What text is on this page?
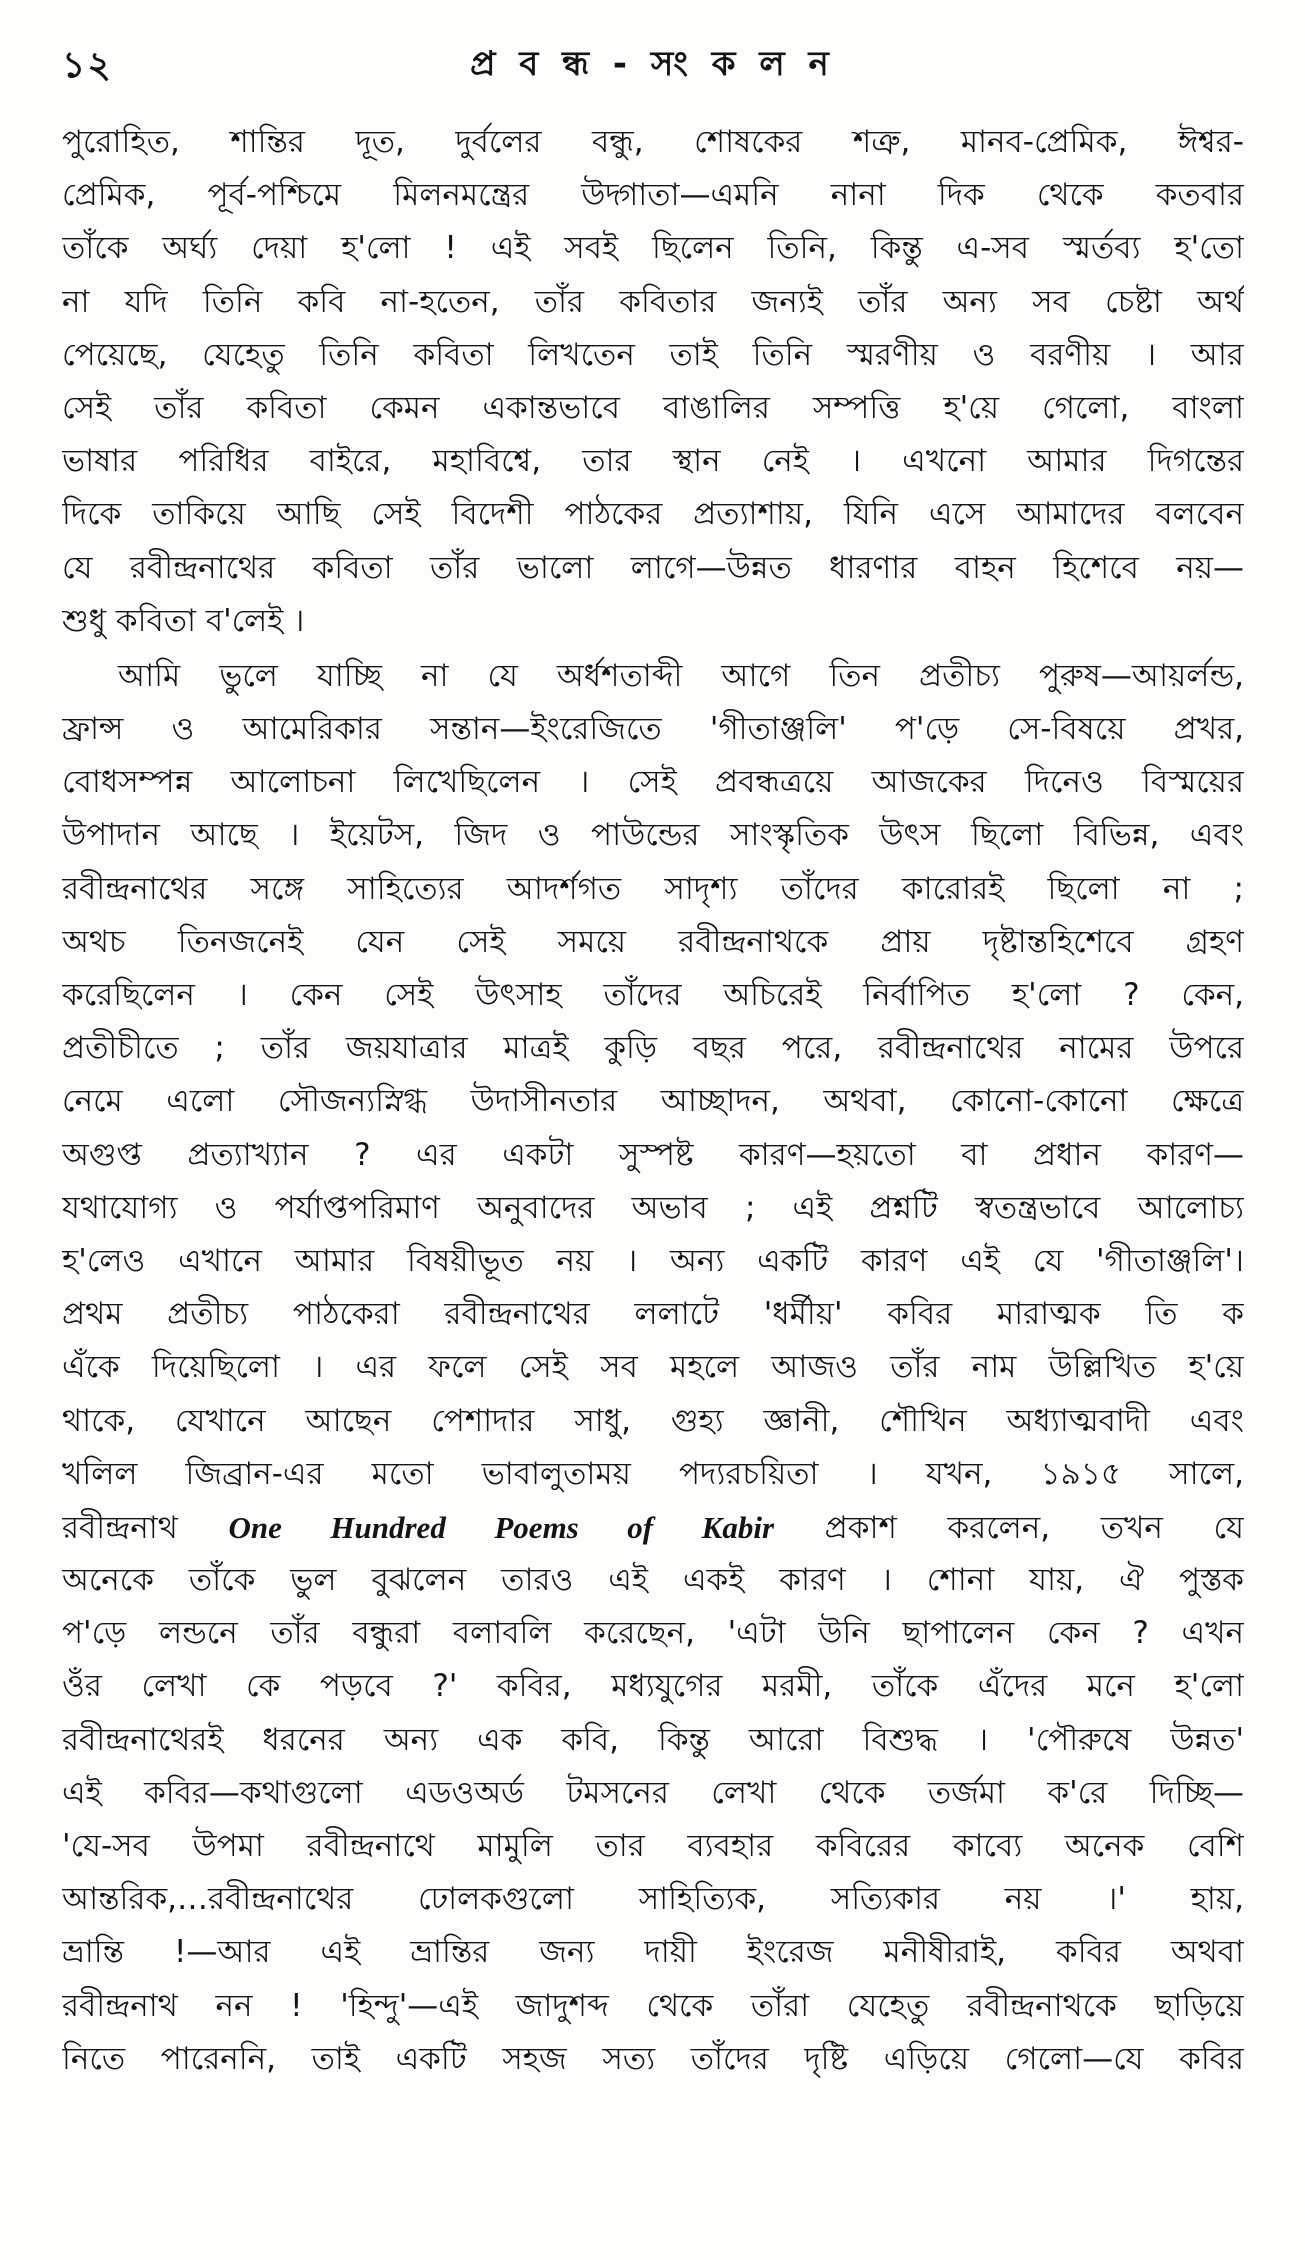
১২	প্র ব ন্ধ - সং ক ল ন
পুরোহিত, শান্তির দূত, দুর্বলের বন্ধু, শোষকের শত্রু, মানব-প্রেমিক, ঈশ্বর-
প্রেমিক, পূর্ব-পশ্চিমে মিলনমন্ত্রের উদ্গাতা—এমনি নানা দিক থেকে কতবার
তাঁকে অর্ঘ্য দেয়া হ'লো ! এই সবই ছিলেন তিনি, কিন্তু এ-সব স্মর্তব্য হ'তো
না যদি তিনি কবি না-হতেন, তাঁর কবিতার জন্যই তাঁর অন্য সব চেষ্টা অর্থ
পেয়েছে, যেহেতু তিনি কবিতা লিখতেন তাই তিনি স্মরণীয় ও বরণীয় । আর
সেই তাঁর কবিতা কেমন একান্তভাবে বাঙালির সম্পত্তি হ'য়ে গেলো, বাংলা
ভাষার পরিধির বাইরে, মহাবিশ্বে, তার স্থান নেই । এখনো আমার দিগন্তের
দিকে তাকিয়ে আছি সেই বিদেশী পাঠকের প্রত্যাশায়, যিনি এসে আমাদের বলবেন
যে রবীন্দ্রনাথের কবিতা তাঁর ভালো লাগে—উন্নত ধারণার বাহন হিশেবে নয়—
শুধু কবিতা ব'লেই ।
আমি ভুলে যাচ্ছি না যে অর্ধশতাব্দী আগে তিন প্রতীচ্য পুরুষ—আয়র্লন্ড,
ফ্রান্স ও আমেরিকার সন্তান—ইংরেজিতে 'গীতাঞ্জলি' প'ড়ে সে-বিষয়ে প্রখর,
বোধসম্পন্ন আলোচনা লিখেছিলেন । সেই প্রবন্ধত্রয়ে আজকের দিনেও বিস্ময়ের
উপাদান আছে । ইয়েটস, জিদ ও পাউন্ডের সাংস্কৃতিক উৎস ছিলো বিভিন্ন, এবং
রবীন্দ্রনাথের সঙ্গে সাহিত্যের আদর্শগত সাদৃশ্য তাঁদের কারোরই ছিলো না ;
অথচ তিনজনেই যেন সেই সময়ে রবীন্দ্রনাথকে প্রায় দৃষ্টান্তহিশেবে গ্রহণ
করেছিলেন । কেন সেই উৎসাহ তাঁদের অচিরেই নির্বাপিত হ'লো ? কেন,
প্রতীচীতে ; তাঁর জয়যাত্রার মাত্রই কুড়ি বছর পরে, রবীন্দ্রনাথের নামের উপরে
নেমে এলো সৌজন্যস্নিগ্ধ উদাসীনতার আচ্ছাদন, অথবা, কোনো-কোনো ক্ষেত্রে
অগুপ্ত প্রত্যাখ্যান ? এর একটা সুস্পষ্ট কারণ—হয়তো বা প্রধান কারণ—
যথাযোগ্য ও পর্যাপ্তপরিমাণ অনুবাদের অভাব ; এই প্রশ্নটি স্বতন্ত্রভাবে আলোচ্য
হ'লেও এখানে আমার বিষয়ীভূত নয় । অন্য একটি কারণ এই যে 'গীতাঞ্জলি'।
প্রথম প্রতীচ্য পাঠকেরা রবীন্দ্রনাথের ললাটে 'ধর্মীয়' কবির মারাত্মক তি ক
এঁকে দিয়েছিলো । এর ফলে সেই সব মহলে আজও তাঁর নাম উল্লিখিত হ'য়ে
থাকে, যেখানে আছেন পেশাদার সাধু, গুহ্য জ্ঞানী, শৌখিন অধ্যাত্মবাদী এবং
খলিল জিব্রান-এর মতো ভাবালুতাময় পদ্যরচয়িতা । যখন, ১৯১৫ সালে,
রবীন্দ্রনাথ One Hundred Poems of Kabir প্রকাশ করলেন, তখন যে
অনেকে তাঁকে ভুল বুঝলেন তারও এই একই কারণ । শোনা যায়, ঐ পুস্তক
প'ড়ে লন্ডনে তাঁর বন্ধুরা বলাবলি করেছেন, 'এটা উনি ছাপালেন কেন ? এখন
ওঁর লেখা কে পড়বে ?' কবির, মধ্যযুগের মরমী, তাঁকে এঁদের মনে হ'লো
রবীন্দ্রনাথেরই ধরনের অন্য এক কবি, কিন্তু আরো বিশুদ্ধ । 'পৌরুষে উন্নত'
এই কবির—কথাগুলো এডওঅর্ড টমসনের লেখা থেকে তর্জমা ক'রে দিচ্ছি—
'যে-সব উপমা রবীন্দ্রনাথে মামুলি তার ব্যবহার কবিরের কাব্যে অনেক বেশি
আন্তরিক,…রবীন্দ্রনাথের ঢোলকগুলো সাহিত্যিক, সত্যিকার নয় ।' হায়,
ভ্রান্তি !—আর এই ভ্রান্তির জন্য দায়ী ইংরেজ মনীষীরাই, কবির অথবা
রবীন্দ্রনাথ নন ! 'হিন্দু'—এই জাদুশব্দ থেকে তাঁরা যেহেতু রবীন্দ্রনাথকে ছাড়িয়ে
নিতে পারেননি, তাই একটি সহজ সত্য তাঁদের দৃষ্টি এড়িয়ে গেলো—যে কবির
